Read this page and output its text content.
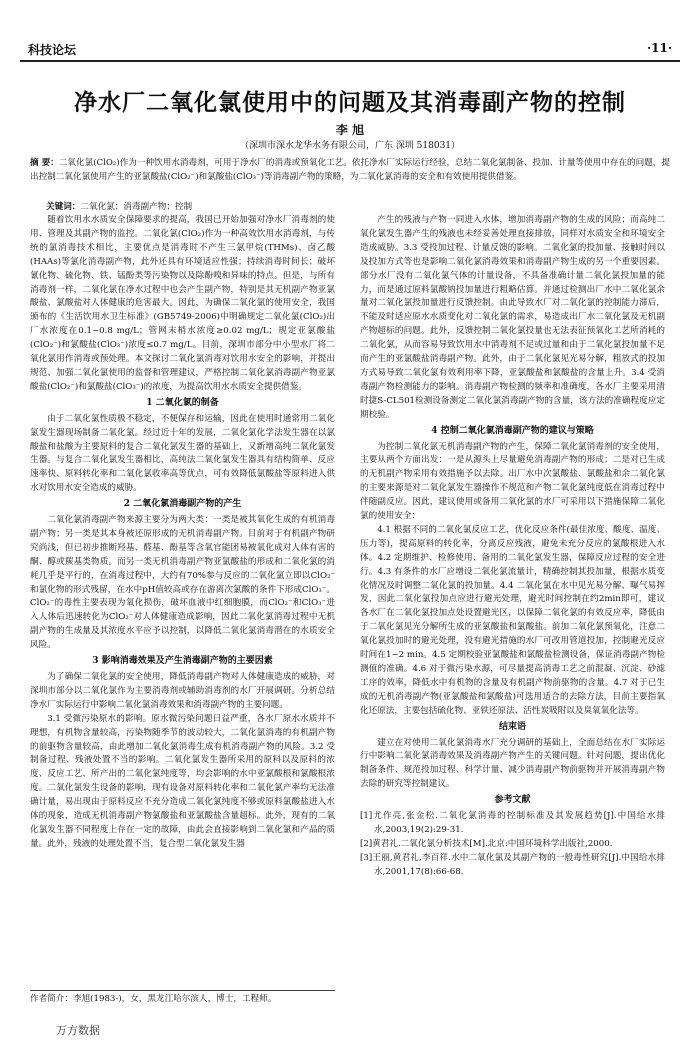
科技论坛	·11·
净水厂二氧化氯使用中的问题及其消毒副产物的控制
李 旭
（深圳市深水龙华水务有限公司，广东 深圳 518031）
摘 要：二氧化氯(ClO₂)作为一种饮用水消毒剂，可用于净水厂的消毒或预氧化工艺。依托净水厂实际运行经验，总结二氧化氯制备、投加、计量等使用中存在的问题，提出控制二氧化氯使用产生的亚氯酸盐(ClO₂⁻)和氯酸盐(ClO₃⁻)等消毒副产物的策略，为二氧化氯消毒的安全和有效使用提供借鉴。
关键词：二氧化氯；消毒副产物；控制

随着饮用水水质安全保障要求的提高，我国已开始加强对净水厂消毒剂的使用、管理及其副产物的监控。二氧化氯(ClO₂)作为一种高效饮用水消毒剂，与传统的氯消毒技术相比，主要优点是消毒时不产生三氯甲烷(THMs)、卤乙酸(HAAs)等氯化消毒副产物，此外还具有环境适应性强；持续消毒时间长；破坏氰化物、硫化物、铁、锰酚类等污染物以及除酚嗅和异味的特点。但是，与所有消毒剂一样，二氧化氯在净水过程中也会产生副产物，特别是其无机副产物亚氯酸盐、氯酸盐对人体健康的危害最大。因此，为确保二氧化氯的使用安全，我国颁布的《生活饮用水卫生标准》(GB5749-2006)中明确规定二氧化氯(ClO₂)出厂水浓度在0.1~0.8 mg/L；管网末梢水浓度≥0.02 mg/L；规定亚氯酸盐(ClO₂⁻)和氯酸盐(ClO₃⁻)浓度≤0.7 mg/L。目前，深圳市部分中小型水厂将二氧化氯用作消毒或预处理。本文探讨二氧化氯消毒对饮用水安全的影响，并提出规范、加强二氧化氯使用的监督和管理建议，严格控制二氧化氯消毒副产物亚氯酸盐(ClO₂⁻)和氯酸盐(ClO₃⁻)的浓度，为提高饮用水水质安全提供借鉴。

1 二氧化氯的制备

由于二氧化氯性质极不稳定，不便保存和运输，因此在使用时通常用二氧化氯发生器现场制备二氧化氯。经过近十年的发展，二氧化氯化学法发生器在以氯酸盐和盐酸为主要原料的复合二氧化氯发生器的基础上，又新增高纯二氧化氯发生器。与复合二氧化氯发生器相比，高纯法二氧化氯发生器具有结构简单、反应速率快、原料转化率和二氧化氯收率高等优点，可有效降低氯酸盐等原料进入供水对饮用水安全造成的威胁。

2 二氧化氯消毒副产物的产生

二氧化氯消毒副产物来源主要分为两大类：一类是被其氧化生成的有机消毒副产物；另一类是其本身被还原形成的无机消毒副产物。目前对于有机副产物研究尚浅，但已初步推断羟基、醛基、酚基等含氧官能团易被氧化成对人体有害的酮、醇或羰基类物质。而另一类无机消毒副产物亚氯酸盐的形成和二氧化氯的消耗几乎是平行的，在消毒过程中，大约有70%参与反应的二氧化氯立即以ClO₂⁻和氯化物的形式残留，在水中pH值较高或存在游离次氯酸的条件下形成ClO₃⁻。ClO₂⁻的毒性主要表现为氧化损伤，破坏血液中红细胞膜，而ClO₂⁻和ClO₃⁻进入人体后迅速转化为ClO₂⁻对人体健康造成影响，因此二氧化氯消毒过程中无机副产物的生成量及其浓度水平应予以控制，以降低二氧化氯消毒潜在的水质安全风险。

3 影响消毒效果及产生消毒副产物的主要因素

为了确保二氧化氯的安全使用，降低消毒副产物对人体健康造成的威胁，对深圳市部分以二氧化氯作为主要消毒剂或辅助消毒剂的水厂开展调研。分析总结净水厂实际运行中影响二氧化氯消毒效果和消毒副产物的主要问题。

3.1 受微污染原水的影响。原水微污染问题日益严重，各水厂原水水质并不理想，有机物含量较高，污染物随季节的波动较大，二氧化氯消毒的有机副产物的前驱物含量较高，由此增加二氧化氯消毒生成有机消毒副产物的风险。3.2 受制备过程、残液处置不当的影响。二氧化氯发生器所采用的原料以及原料的浓度、反应工艺、所产出的二氧化氯纯度等，均会影响的水中亚氯酸根和氯酸根浓度。二氧化氯发生设备的影响，现有设备对原料转化率和二氧化氯产率均无法准确计量，易出现由于原料反应不充分造成二氧化氯纯度不够或原料氯酸盐进入水体的现象，造成无机消毒副产物氯酸盐和亚氯酸盐含量超标。此外，现有的二氧化氯发生器不同程度上存在一定的故障，由此会直接影响到二氧化氯和产品的质量。此外，残液的处理处置不当，复合型二氧化氯发生器

产生的残液与产物一同进入水体，增加消毒副产物的生成的风险；而高纯二氧化氯发生器产生的残液也未经妥善处理直接排放，同样对水质安全和环境安全造成威胁。3.3 受投加过程、计量反馈的影响。二氧化氯的投加量、接触时间以及投加方式等也是影响二氧化氯消毒效果和消毒副产物生成的另一个重要因素。部分水厂没有二氧化氯气体的计量设备，不具备准确计量二氧化氯投加量的能力，而是通过原料氯酸钠投加量进行粗略估算。并通过检测出厂水中二氧化氯余量对二氧化氯投加量进行反馈控制。由此导致水厂对二氧化氯的控制能力滞后，不能及时适应原水水质变化对二氧化氯的需求，易造成出厂水二氧化氯及无机副产物超标的问题。此外，反馈控制二氧化氯投量也无法表征预氧化工艺所消耗的二氧化氯，从而容易导致饮用水中消毒剂不足或过量和由于二氧化氯投加量不足而产生的亚氯酸盐消毒副产物。此外，由于二氧化氯见光易分解，粗放式的投加方式易导致二氧化氯有效利用率下降，亚氯酸盐和氯酸盐的含量上升。3.4 受消毒副产物检测能力的影响。消毒副产物检测的频率和准确度，各水厂主要采用清时捷S-CL501检测设备测定二氧化氯消毒副产物的含量，该方法的准确程度应定期校验。

4 控制二氧化氯消毒副产物的建议与策略

为控制二氧化氯无机消毒副产物的产生，保障二氧化氯消毒剂的安全使用，主要从两个方面出发：一是从源头上尽量避免消毒副产物的形成；二是对已生成的无机副产物采用有效措施予以去除。出厂水中次氯酸盐、氯酸盐和余二氧化氯的主要来源是对二氧化氯发生器操作不规范和产物二氧化氯纯度低在消毒过程中伴随副反应。因此，建议使用或备用二氧化氯的水厂可采用以下措施保障二氧化氯的使用安全：

4.1 根据不同的二氧化氯反应工艺，优化反应条件(最佳浓度、酸度、温度、压力等)，提高原料的转化率，分离反应残液，避免未充分反应的氯酸根进入水体。4.2 定期维护、检修使用、备用的二氧化氯发生器，保障反应过程的安全进行。4.3 有条件的水厂应增设二氧化氯流量计，精确控制其投加量，根据水质变化情况及时调整二氧化氯的投加量。4.4 二氧化氯在水中见光易分解、曝气易挥发，因此二氧化氯投加点应进行避光处理，避光时间控制在约2min即可，建议各水厂在二氧化氯投加点处设置避光区，以保障二氧化氯的有效反应率，降低由于二氧化氯见光分解所生成的亚氯酸盐和氯酸盐。前加二氧化氯预氧化，注意二氧化氯投加时的避光处理，没有避光措施的水厂可改用管道投加，控制避光反应时间在1~2 min。4.5 定期校验亚氯酸盐和氯酸盐检测设备，保证消毒副产物检测值的准确。4.6 对于微污染水源，可尽量提高消毒工艺之前混凝、沉淀、砂滤工序的效率，降低水中有机物的含量及有机副产物前驱物的含量。4.7 对于已生成的无机消毒副产物(亚氯酸盐和氯酸盐)可选用适合的去除方法，目前主要指氧化还原法，主要包括硫化物、亚铁还原法、活性炭吸附以及臭氧氧化法等。

结束语

建立在对使用二氧化氯消毒水厂充分调研的基础上，全面总结在水厂实际运行中影响二氧化氯消毒效果及消毒副产物产生的关键问题。针对问题，提出优化制备条件、规范投加过程、科学计量、减少消毒副产物前驱物并开展消毒副产物去除的研究等控制建议。

参考文献

[1]尤作亮,张金松.二氧化氯消毒的控制标准及其发展趋势[J].中国给水排水,2003,19(2):29-31.

[2]黄君礼.二氧化氯分析技术[M].北京:中国环境科学出版社,2000.

[3]王丽,黄君礼,李百祥.水中二氧化氯及其副产物的一般毒性研究[J].中国给水排水,2001,17(8):66-68.

作者简介：李旭(1983-)，女，黑龙江哈尔滨人，博士，工程师。
万方数据
